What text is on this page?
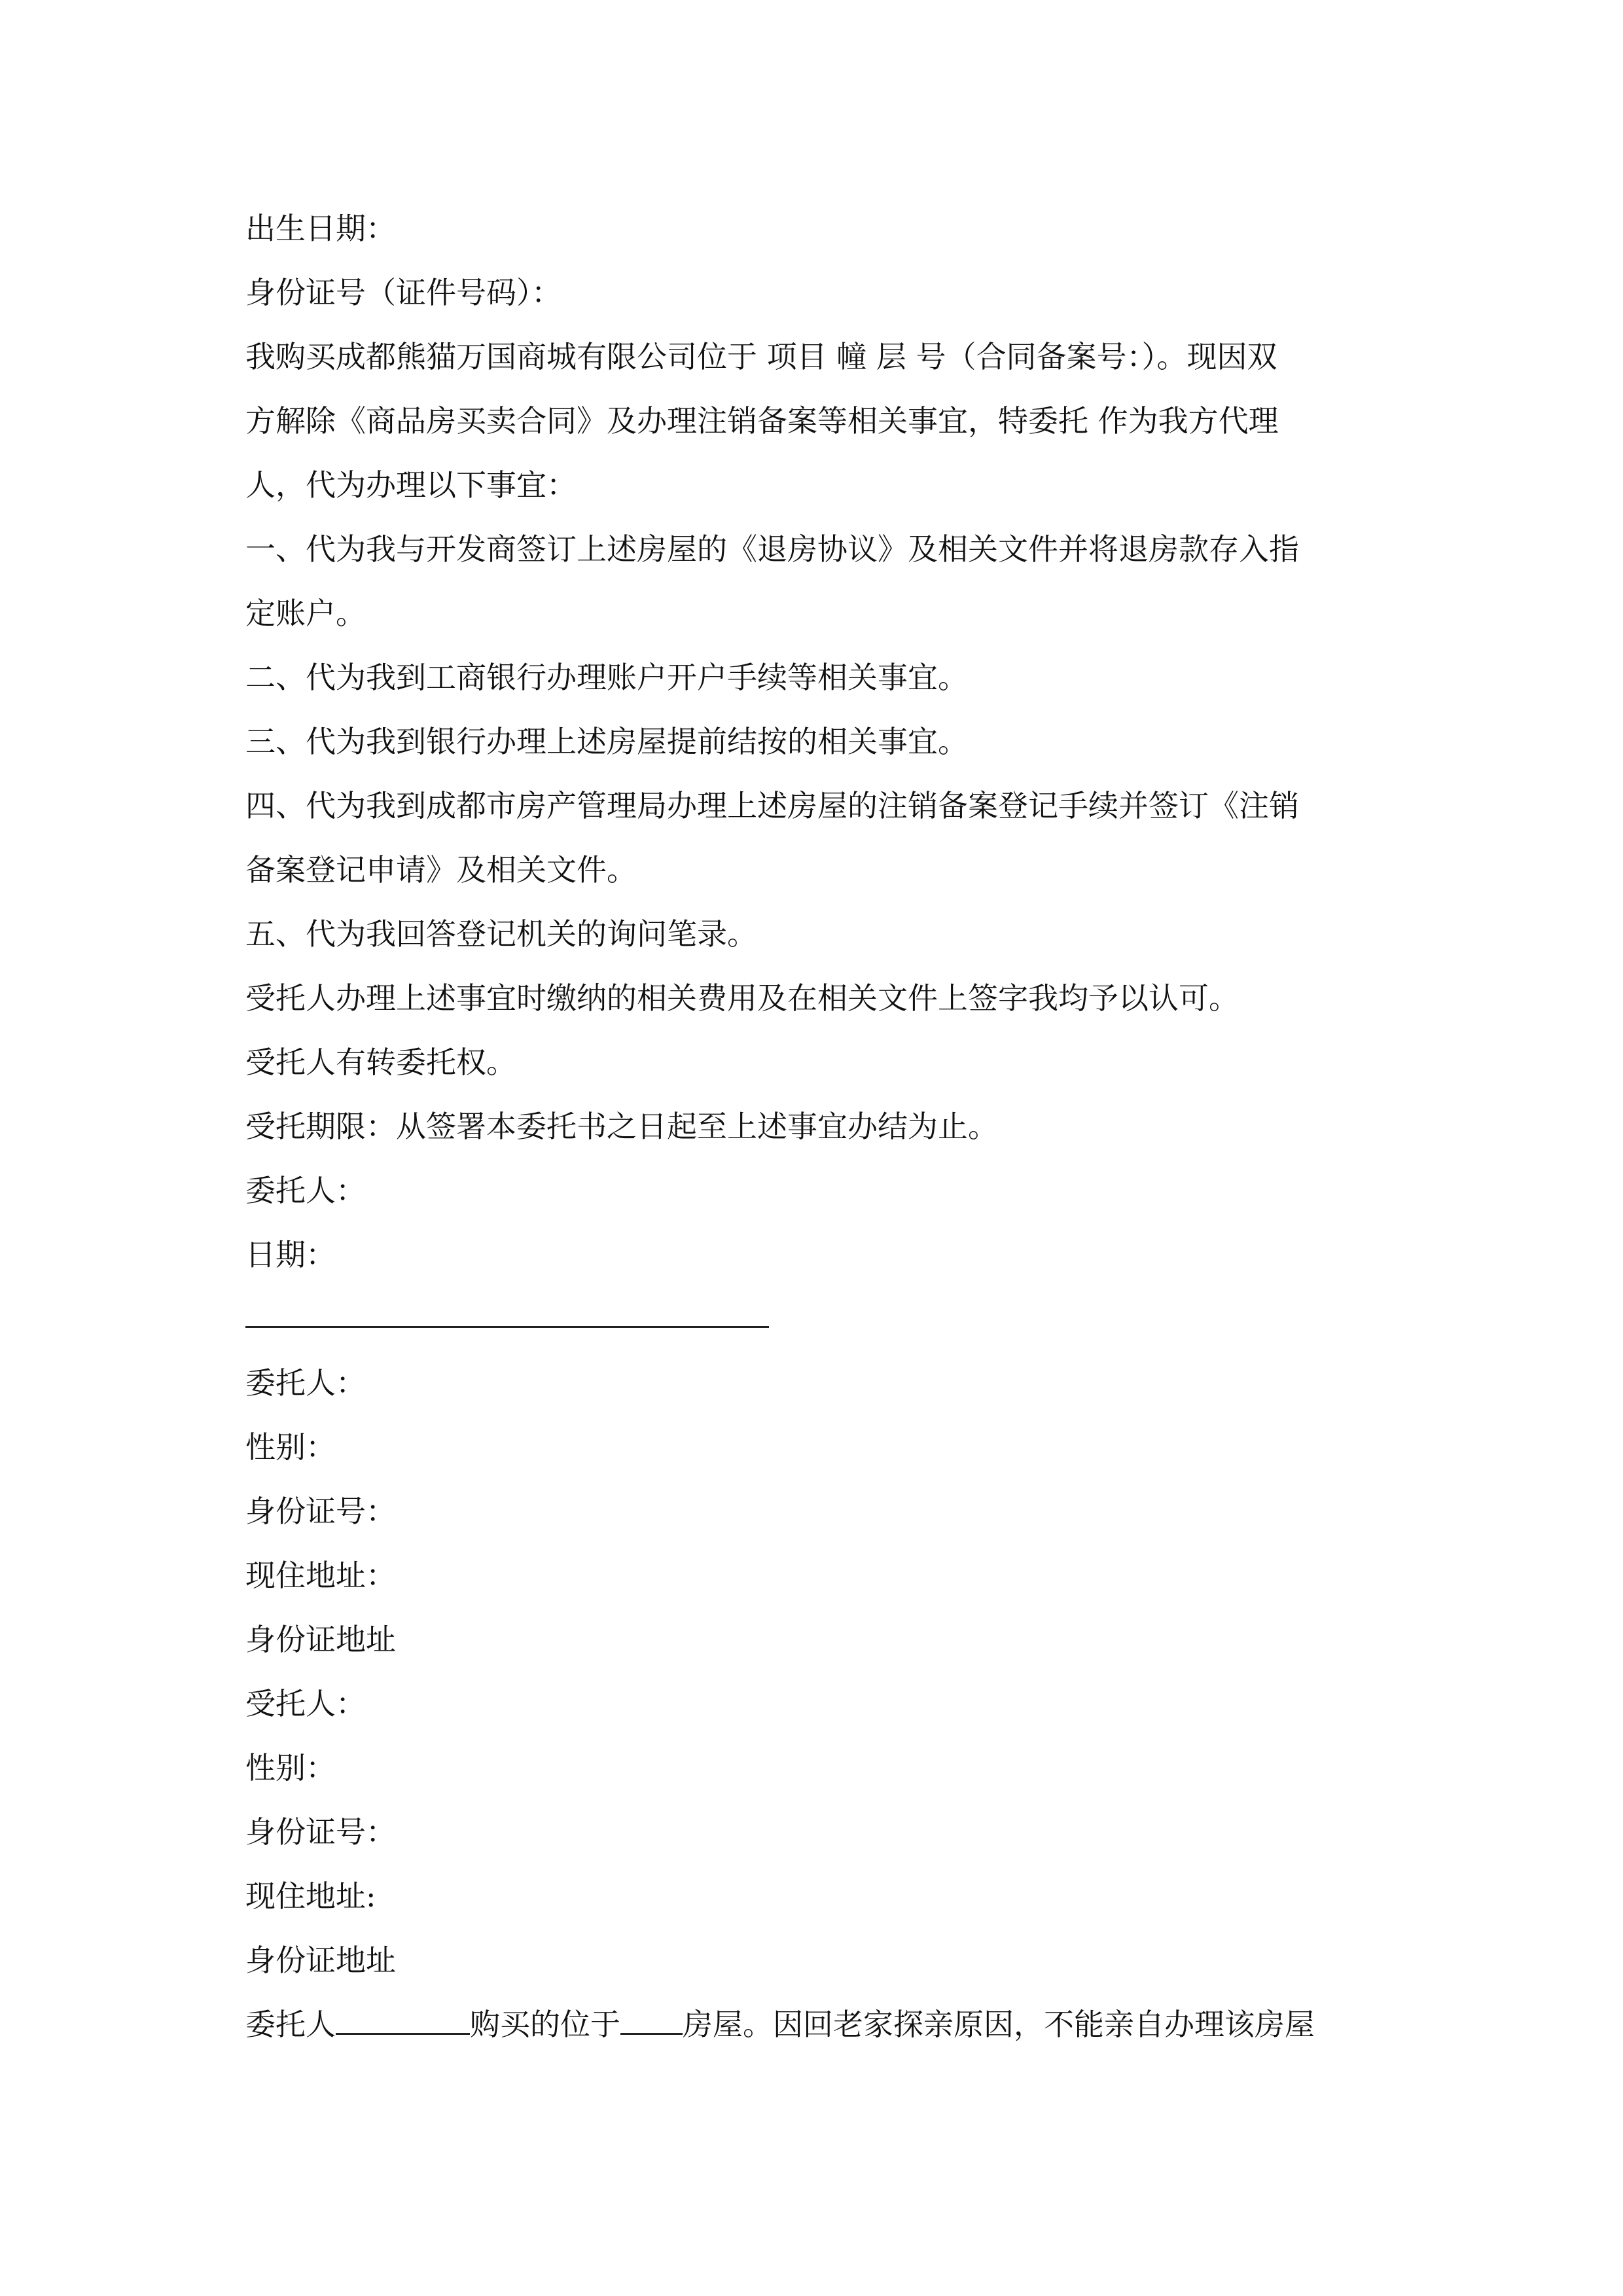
出生日期：
身份证号（证件号码）：
我购买成都熊猫万国商城有限公司位于 项目 幢 层 号（合同备案号：）。现因双
方解除《商品房买卖合同》及办理注销备案等相关事宜，特委托 作为我方代理
人，代为办理以下事宜：
一、代为我与开发商签订上述房屋的《退房协议》及相关文件并将退房款存入指
定账户。
二、代为我到工商银行办理账户开户手续等相关事宜。
三、代为我到银行办理上述房屋提前结按的相关事宜。
四、代为我到成都市房产管理局办理上述房屋的注销备案登记手续并签订《注销
备案登记申请》及相关文件。
五、代为我回答登记机关的询问笔录。
受托人办理上述事宜时缴纳的相关费用及在相关文件上签字我均予以认可。
受托人有转委托权。
受托期限：从签署本委托书之日起至上述事宜办结为止。
委托人：
日期：
委托人：
性别：
身份证号：
现住地址：
身份证地址
受托人：
性别：
身份证号：
现住地址:
身份证地址
委托人	购买的位于 房屋。因回老家探亲原因，不能亲自办理该房屋
